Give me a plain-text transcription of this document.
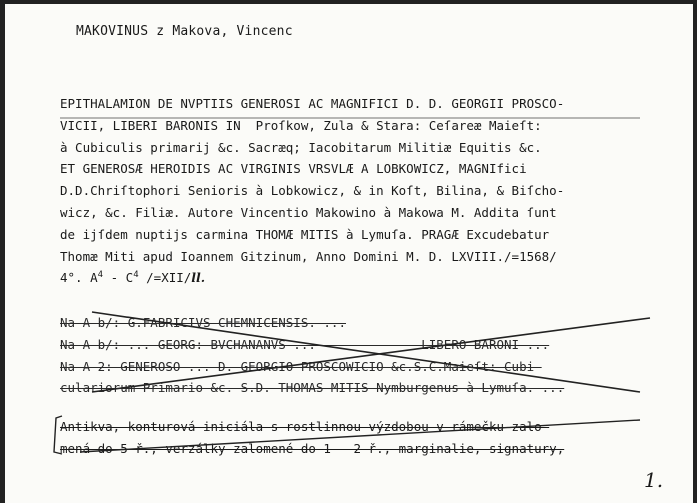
MAKOVINUS z Makova, Vincenc
EPITHALAMION DE NVPTIIS GENEROSI AC MAGNIFICI D. D. GEORGII PROSCO-
VICII, LIBERI BARONIS IN  Proſkow, Zula & Stara: Ceſareæ Maieſt:
à Cubiculis primarij &c. Sacræq; Iacobitarum Militiæ Equitis &c.
ET GENEROSÆ HEROIDIS AC VIRGINIS VRSVLÆ A LOBKOWICZ, MAGNIfici
D.D.Chriſtophori Senioris à Lobkowicz, & in Koſt, Bilina, & Biſcho-
wicz, &c. Filiæ. Autore Vincentio Makowino à Makowa M. Addita ſunt
de ijſdem nuptijs carmina THOMÆ MITIS à Lymuſa. PRAGÆ Excudebatur
Thomæ Miti apud Ioannem Gitzinum, Anno Domini M. D. LXVIII./=1568/
4°. $A^4 - C^4$ /=XII/ll.
Na A b/: G.FABRICIVS CHEMNICENSIS. ...
Na A b/: ... GEORG: BVCHANANVS ...              LIBERO BARONI ...
Na A 2: GENEROSO ... D. GEORGIO PROSCOWICIO &c.S.C.Maieſt: Cubi-
culariorum Primario &c. S.D. THOMAS MITIS Nymburgenus à Lymuſa. ...
Antikva, konturová iniciála s rostlinnou výzdobou v rámečku zalo-
mená do 5 ř., verzálky zalomené do 1 - 2 ř., marginalie, signatury,
1.
